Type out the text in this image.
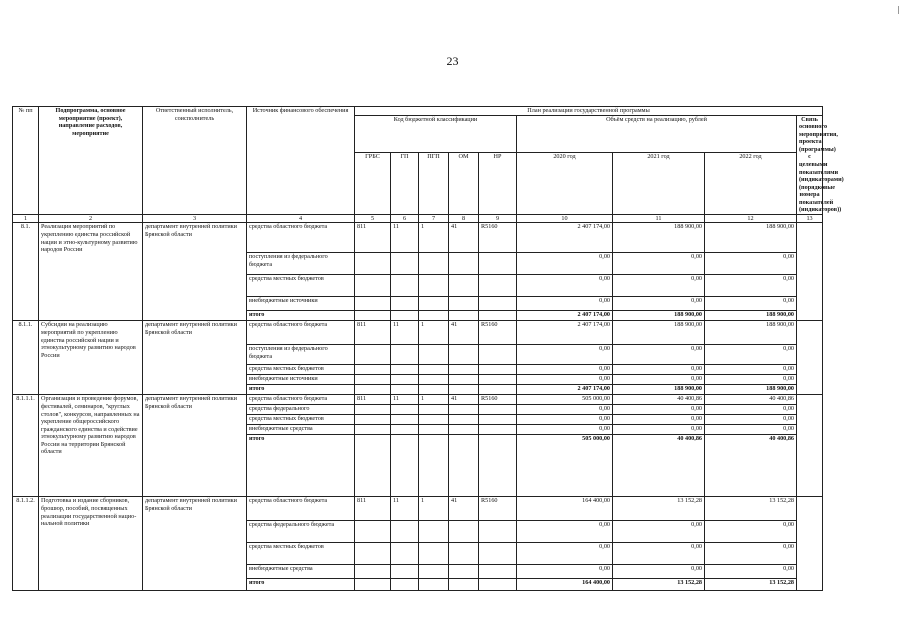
23
№ пп	Подпрограмма, основное мероприятие (проект), направление расходов, мероприятие	Ответственный исполнитель, соисполнитель	Источник финансового обеспечения	План реализации государственной программы								
				Код бюджетной классификации					Объём средств на реализацию, рублей			Связь основного мероприятия, проекта (программы) с целевыми показателями (индикаторами) (порядковые номера показателей (индикаторов))
				ГРБС	ГП	ПГП	ОМ	НР	2020 год	2021 год	2022 год	
1	2	3	4	5	6	7	8	9	10	11	12	13
8.1.	Реализация мероприятий по укреплению единства российской нации и этно-культурному развитию народов России	департамент внутренней политики Брянской области	средства областного бюджета	811	11	1	41	R5160	2 407 174,00	188 900,00	188 900,00	
			поступления из федерального бюджета						0,00	0,00	0,00	
			средства местных бюджетов						0,00	0,00	0,00	
			внебюджетные источники						0,00	0,00	0,00	
			итого						2 407 174,00	188 900,00	188 900,00	
8.1.1.	Субсидии на реализацию мероприятий по укреплению единства российской нации и этнокультурному развитию народов России	департамент внутренней политики Брянской области	средства областного бюджета	811	11	1	41	R5160	2 407 174,00	188 900,00	188 900,00	
			поступления из федерального бюджета						0,00	0,00	0,00	
			средства местных бюджетов						0,00	0,00	0,00	
			внебюджетные источники						0,00	0,00	0,00	
			итого						2 407 174,00	188 900,00	188 900,00	
8.1.1.1.	Организация и проведение форумов, фестивалей, семинаров, "круглых столов", конкурсов, направленных на укрепление общероссийского гражданского единства и содействие этнокультурному развитию народов России на территории Брянской области	департамент внутренней политики Брянской области	средства областного бюджета	811	11	1	41	R5160	505 000,00	40 400,86	40 400,86	
			средства федерального						0,00	0,00	0,00	
			средства местных бюджетов						0,00	0,00	0,00	
			внебюджетные средства						0,00	0,00	0,00	
			итого						505 000,00	40 400,86	40 400,86	
8.1.1.2.	Подготовка и издание сборников, брошюр, пособий, посвященных реализации государственной нацио-нальной политики	департамент внутренней политики Брянской области	средства областного бюджета	811	11	1	41	R5160	164 400,00	13 152,28	13 152,28	
			средства федерального бюджета						0,00	0,00	0,00	
			средства местных бюджетов						0,00	0,00	0,00	
			внебюджетные средства						0,00	0,00	0,00	
			итого						164 400,00	13 152,28	13 152,28	
